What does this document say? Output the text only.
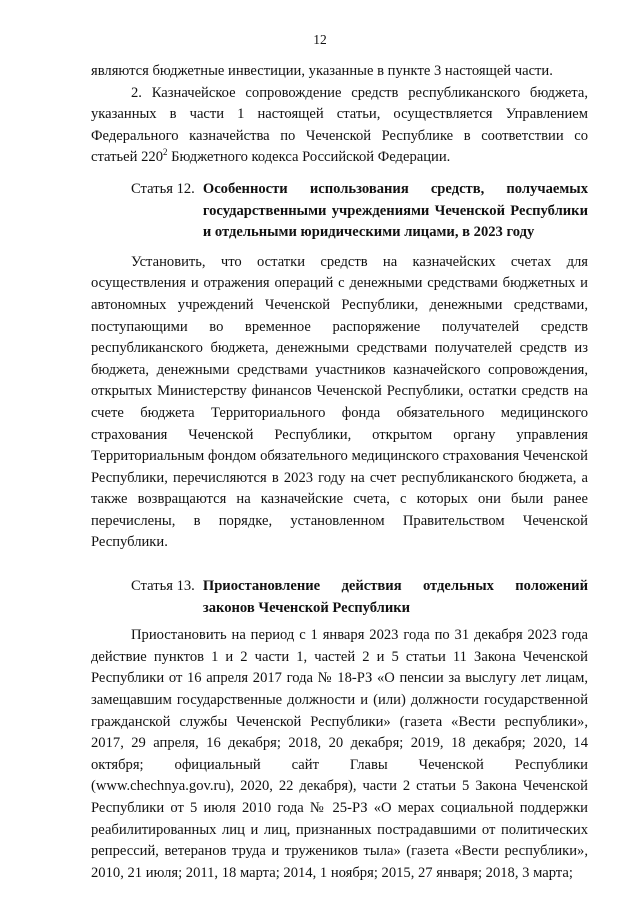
12

являются бюджетные инвестиции, указанные в пункте 3 настоящей части.

2. Казначейское сопровождение средств республиканского бюджета, указанных в части 1 настоящей статьи, осуществляется Управлением Федерального казначейства по Чеченской Республике в соответствии со статьей $220^2$ Бюджетного кодекса Российской Федерации.

Статья 12. Особенности использования средств, получаемых государственными учреждениями Чеченской Республики и отдельными юридическими лицами, в 2023 году

Установить, что остатки средств на казначейских счетах для осуществления и отражения операций с денежными средствами бюджетных и автономных учреждений Чеченской Республики, денежными средствами, поступающими во временное распоряжение получателей средств республиканского бюджета, денежными средствами получателей средств из бюджета, денежными средствами участников казначейского сопровождения, открытых Министерству финансов Чеченской Республики, остатки средств на счете бюджета Территориального фонда обязательного медицинского страхования Чеченской Республики, открытом органу управления Территориальным фондом обязательного медицинского страхования Чеченской Республики, перечисляются в 2023 году на счет республиканского бюджета, а также возвращаются на казначейские счета, с которых они были ранее перечислены, в порядке, установленном Правительством Чеченской Республики.

Статья 13. Приостановление действия отдельных положений законов Чеченской Республики

Приостановить на период с 1 января 2023 года по 31 декабря 2023 года действие пунктов 1 и 2 части 1, частей 2 и 5 статьи 11 Закона Чеченской Республики от 16 апреля 2017 года № 18-РЗ «О пенсии за выслугу лет лицам, замещавшим государственные должности и (или) должности государственной гражданской службы Чеченской Республики» (газета «Вести республики», 2017, 29 апреля, 16 декабря; 2018, 20 декабря; 2019, 18 декабря; 2020, 14 октября; официальный сайт Главы Чеченской Республики (www.chechnya.gov.ru), 2020, 22 декабря), части 2 статьи 5 Закона Чеченской Республики от 5 июля 2010 года № 25-РЗ «О мерах социальной поддержки реабилитированных лиц и лиц, признанных пострадавшими от политических репрессий, ветеранов труда и тружеников тыла» (газета «Вести республики», 2010, 21 июля; 2011, 18 марта; 2014, 1 ноября; 2015, 27 января; 2018, 3 марта;
